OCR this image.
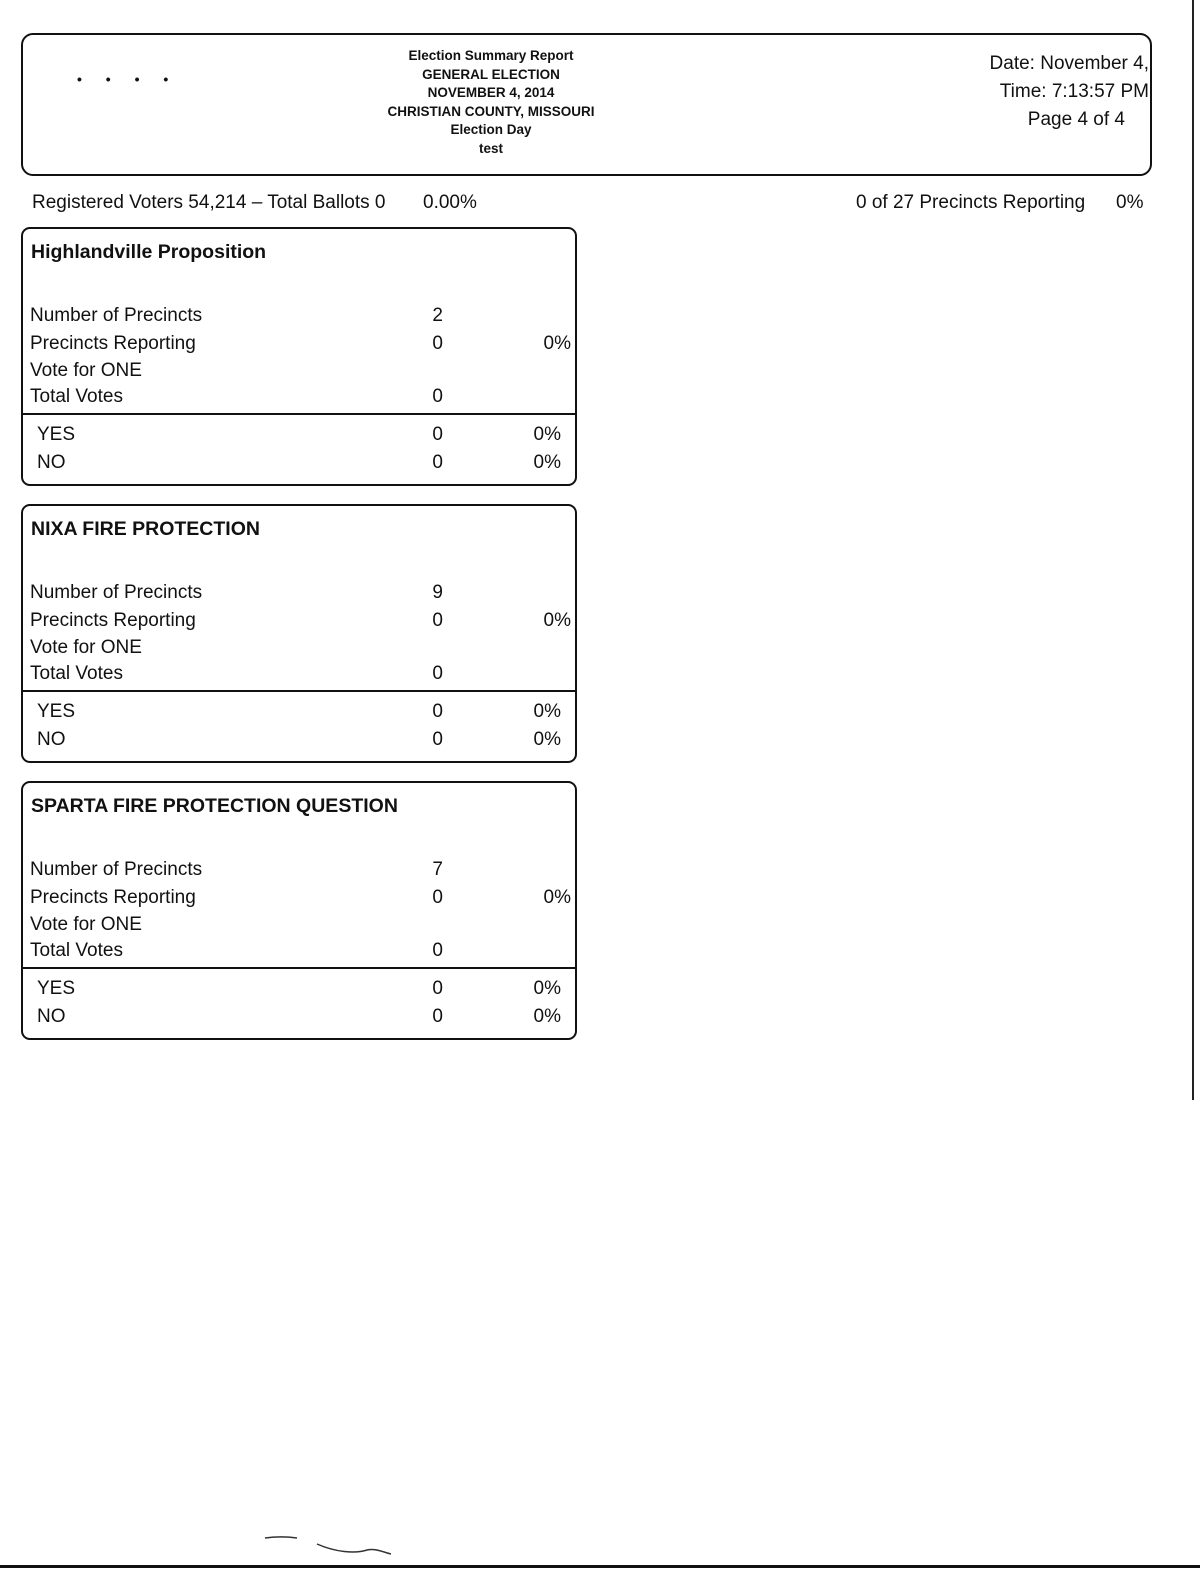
• • • •
Election Summary Report
GENERAL ELECTION
NOVEMBER 4, 2014
CHRISTIAN COUNTY, MISSOURI
Election Day
test
Date: November 4,
Time: 7:13:57 PM
Page 4 of 4
Registered Voters 54,214 – Total Ballots 0 0.00%	0 of 27 Precincts Reporting 0%
Highlandville Proposition
Number of Precincts	2
Precincts Reporting	0	0%
Vote for ONE
Total Votes	0
YES	0	0%
NO	0	0%
NIXA FIRE PROTECTION
Number of Precincts	9
Precincts Reporting	0	0%
Vote for ONE
Total Votes	0
YES	0	0%
NO	0	0%
SPARTA FIRE PROTECTION QUESTION
Number of Precincts	7
Precincts Reporting	0	0%
Vote for ONE
Total Votes	0
YES	0	0%
NO	0	0%
